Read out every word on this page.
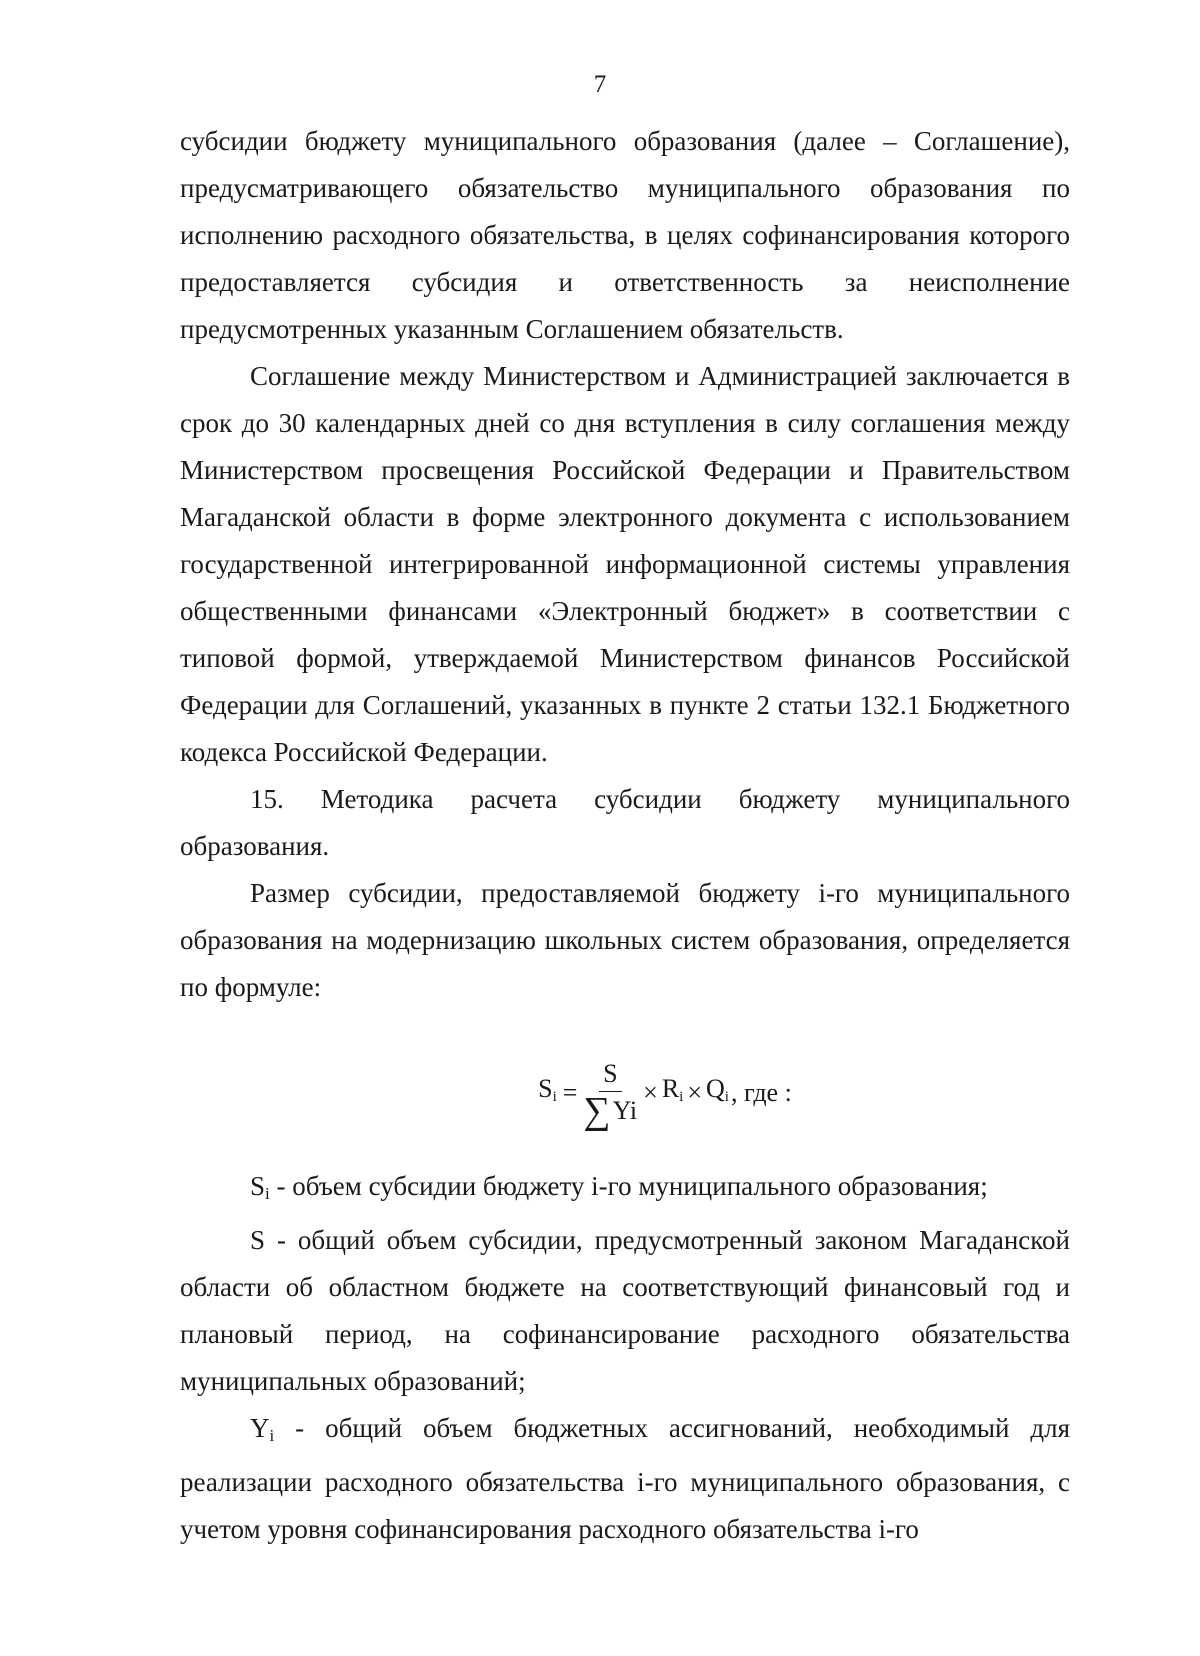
7

субсидии бюджету муниципального образования (далее – Соглашение), предусматривающего обязательство муниципального образования по исполнению расходного обязательства, в целях софинансирования которого предоставляется субсидия и ответственность за неисполнение предусмотренных указанным Соглашением обязательств.

Соглашение между Министерством и Администрацией заключается в срок до 30 календарных дней со дня вступления в силу соглашения между Министерством просвещения Российской Федерации и Правительством Магаданской области в форме электронного документа с использованием государственной интегрированной информационной системы управления общественными финансами «Электронный бюджет» в соответствии с типовой формой, утверждаемой Министерством финансов Российской Федерации для Соглашений, указанных в пункте 2 статьи 132.1 Бюджетного кодекса Российской Федерации.

15. Методика расчета субсидии бюджету муниципального образования.

Размер субсидии, предоставляемой бюджету і-го муниципального образования на модернизацию школьных систем образования, определяется по формуле:

$S_i = \frac{S}{\sum Yi} \times R_i \times Q_i$ , где :

$S_i$ - объем субсидии бюджету і-го муниципального образования;

S - общий объем субсидии, предусмотренный законом Магаданской области об областном бюджете на соответствующий финансовый год и плановый период, на софинансирование расходного обязательства муниципальных образований;

$Y_i$ - общий объем бюджетных ассигнований, необходимый для реализации расходного обязательства і-го муниципального образования, с учетом уровня софинансирования расходного обязательства і-го
